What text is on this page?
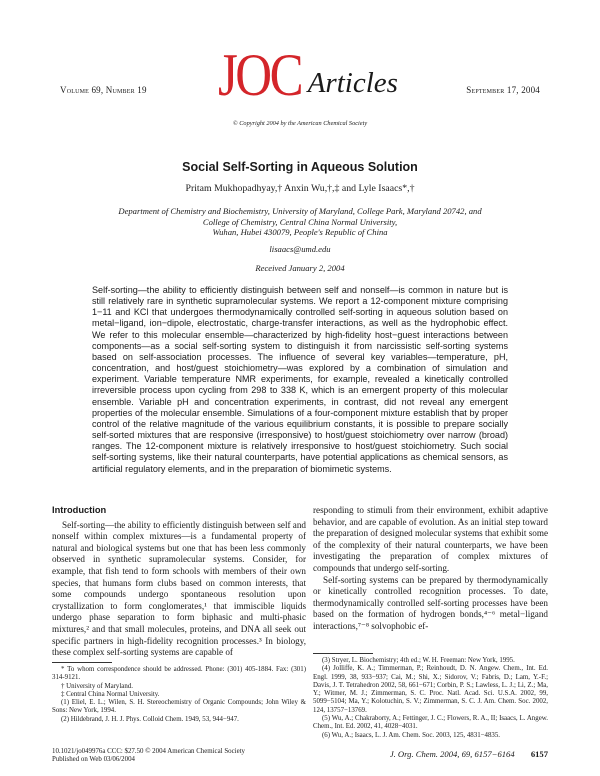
Volume 69, Number 19	September 17, 2004
JOC Articles
© Copyright 2004 by the American Chemical Society
Social Self-Sorting in Aqueous Solution
Pritam Mukhopadhyay,† Anxin Wu,†,‡ and Lyle Isaacs*,†
Department of Chemistry and Biochemistry, University of Maryland, College Park, Maryland 20742, and
College of Chemistry, Central China Normal University,
Wuhan, Hubei 430079, People's Republic of China
lisaacs@umd.edu
Received January 2, 2004
Self-sorting—the ability to efficiently distinguish between self and nonself—is common in nature but is still relatively rare in synthetic supramolecular systems. We report a 12-component mixture comprising 1−11 and KCl that undergoes thermodynamically controlled self-sorting in aqueous solution based on metal−ligand, ion−dipole, electrostatic, charge-transfer interactions, as well as the hydrophobic effect. We refer to this molecular ensemble—characterized by high-fidelity host−guest interactions between components—as a social self-sorting system to distinguish it from narcissistic self-sorting systems based on self-association processes. The influence of several key variables—temperature, pH, concentration, and host/guest stoichiometry—was explored by a combination of simulation and experiment. Variable temperature NMR experiments, for example, revealed a kinetically controlled irreversible process upon cycling from 298 to 338 K, which is an emergent property of this molecular ensemble. Variable pH and concentration experiments, in contrast, did not reveal any emergent properties of the molecular ensemble. Simulations of a four-component mixture establish that by proper control of the relative magnitude of the various equilibrium constants, it is possible to prepare socially self-sorted mixtures that are responsive (irresponsive) to host/guest stoichiometry over narrow (broad) ranges. The 12-component mixture is relatively irresponsive to host/guest stoichiometry. Such social self-sorting systems, like their natural counterparts, have potential applications as chemical sensors, as artificial regulatory elements, and in the preparation of biomimetic systems.
Introduction

Self-sorting—the ability to efficiently distinguish between self and nonself within complex mixtures—is a fundamental property of natural and biological systems but one that has been less commonly observed in synthetic supramolecular systems. Consider, for example, that fish tend to form schools with members of their own species, that humans form clubs based on common interests, that some compounds undergo spontaneous resolution upon crystallization to form conglomerates,¹ that immiscible liquids undergo phase separation to form biphasic and multi-phasic mixtures,² and that small molecules, proteins, and DNA all seek out specific partners in high-fidelity recognition processes.³ In biology, these complex self-sorting systems are capable of

responding to stimuli from their environment, exhibit adaptive behavior, and are capable of evolution. As an initial step toward the preparation of designed molecular systems that exhibit some of the complexity of their natural counterparts, we have been investigating the preparation of complex mixtures of compounds that undergo self-sorting.

Self-sorting systems can be prepared by thermodynamically or kinetically controlled recognition processes. To date, thermodynamically controlled self-sorting processes have been based on the formation of hydrogen bonds,⁴⁻⁶ metal−ligand interactions,⁷⁻⁸ solvophobic ef-

* To whom correspondence should be addressed. Phone: (301) 405-1884. Fax: (301) 314-9121.

† University of Maryland.

‡ Central China Normal University.

(1) Eliel, E. L.; Wilen, S. H. Stereochemistry of Organic Compounds; John Wiley & Sons: New York, 1994.

(2) Hildebrand, J. H. J. Phys. Colloid Chem. 1949, 53, 944−947.

(3) Stryer, L. Biochemistry; 4th ed.; W. H. Freeman: New York, 1995.

(4) Jolliffe, K. A.; Timmerman, P.; Reinhoudt, D. N. Angew. Chem., Int. Ed. Engl. 1999, 38, 933−937; Cai, M.; Shi, X.; Sidorov, V.; Fabris, D.; Lam, Y.-F.; Davis, J. T. Tetrahedron 2002, 58, 661−671; Corbin, P. S.; Lawless, L. J.; Li, Z.; Ma, Y.; Witmer, M. J.; Zimmerman, S. C. Proc. Natl. Acad. Sci. U.S.A. 2002, 99, 5099−5104; Ma, Y.; Kolotuchin, S. V.; Zimmerman, S. C. J. Am. Chem. Soc. 2002, 124, 13757−13769.

(5) Wu, A.; Chakraborty, A.; Fettinger, J. C.; Flowers, R. A., II; Isaacs, L. Angew. Chem., Int. Ed. 2002, 41, 4028−4031.

(6) Wu, A.; Isaacs, L. J. Am. Chem. Soc. 2003, 125, 4831−4835.

10.1021/jo049976a CCC: $27.50 © 2004 American Chemical Society
Published on Web 03/06/2004
J. Org. Chem. 2004, 69, 6157−6164 6157
